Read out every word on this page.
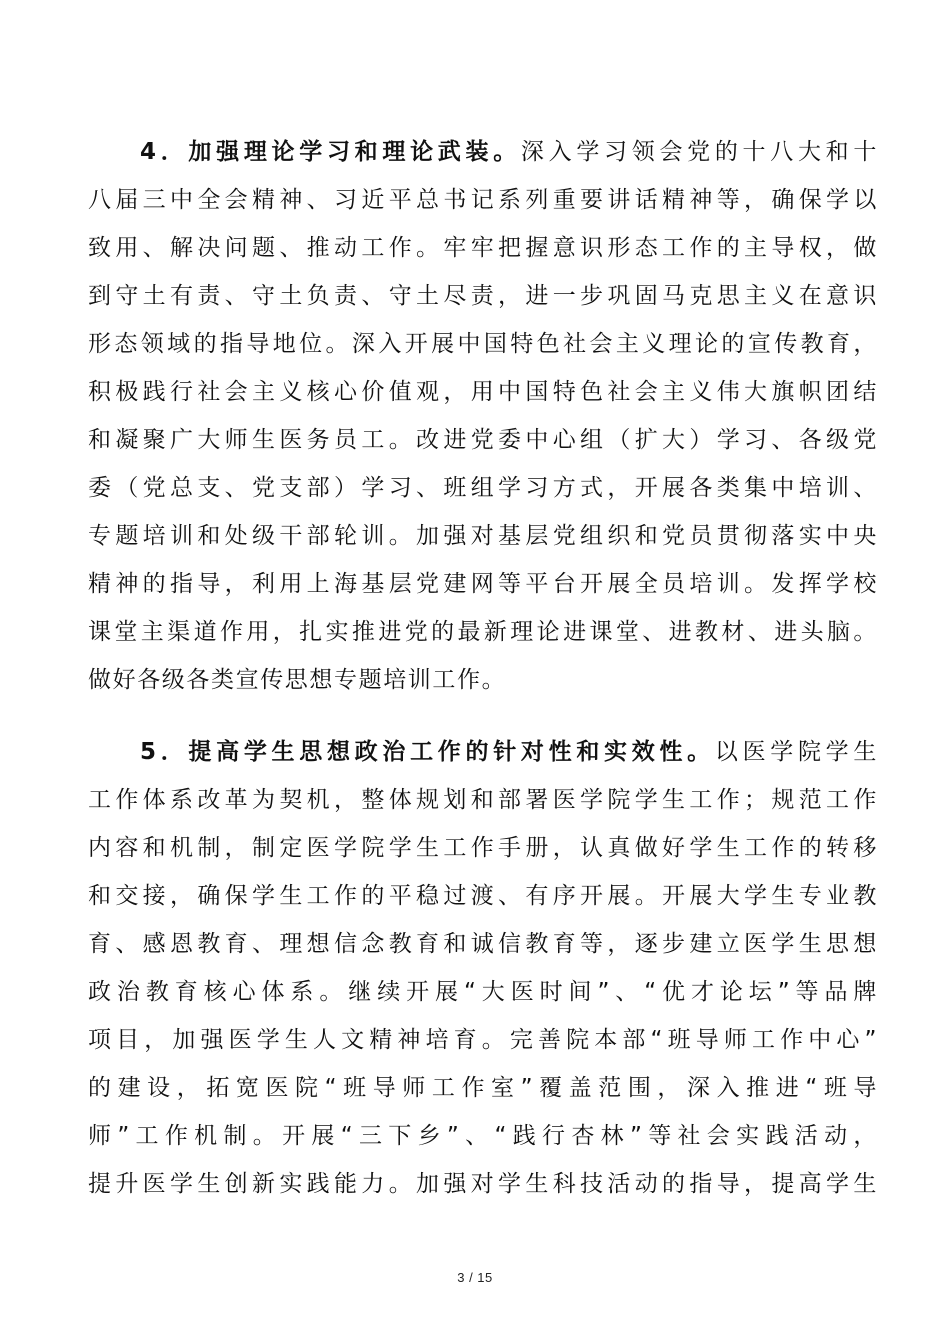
4．加强理论学习和理论武装。深入学习领会党的十八大和十
八届三中全会精神、习近平总书记系列重要讲话精神等，确保学以
致用、解决问题、推动工作。牢牢把握意识形态工作的主导权，做
到守土有责、守土负责、守土尽责，进一步巩固马克思主义在意识
形态领域的指导地位。深入开展中国特色社会主义理论的宣传教育，
积极践行社会主义核心价值观，用中国特色社会主义伟大旗帜团结
和凝聚广大师生医务员工。改进党委中心组（扩大）学习、各级党
委（党总支、党支部）学习、班组学习方式，开展各类集中培训、
专题培训和处级干部轮训。加强对基层党组织和党员贯彻落实中央
精神的指导，利用上海基层党建网等平台开展全员培训。发挥学校
课堂主渠道作用，扎实推进党的最新理论进课堂、进教材、进头脑。
做好各级各类宣传思想专题培训工作。
5．提高学生思想政治工作的针对性和实效性。以医学院学生
工作体系改革为契机，整体规划和部署医学院学生工作；规范工作
内容和机制，制定医学院学生工作手册，认真做好学生工作的转移
和交接，确保学生工作的平稳过渡、有序开展。开展大学生专业教
育、感恩教育、理想信念教育和诚信教育等，逐步建立医学生思想
政治教育核心体系。继续开展“大医时间”、“优才论坛”等品牌
项目，加强医学生人文精神培育。完善院本部“班导师工作中心”
的建设，拓宽医院“班导师工作室”覆盖范围，深入推进“班导
师”工作机制。开展“三下乡”、“践行杏林”等社会实践活动，
提升医学生创新实践能力。加强对学生科技活动的指导，提高学生
3 / 15
